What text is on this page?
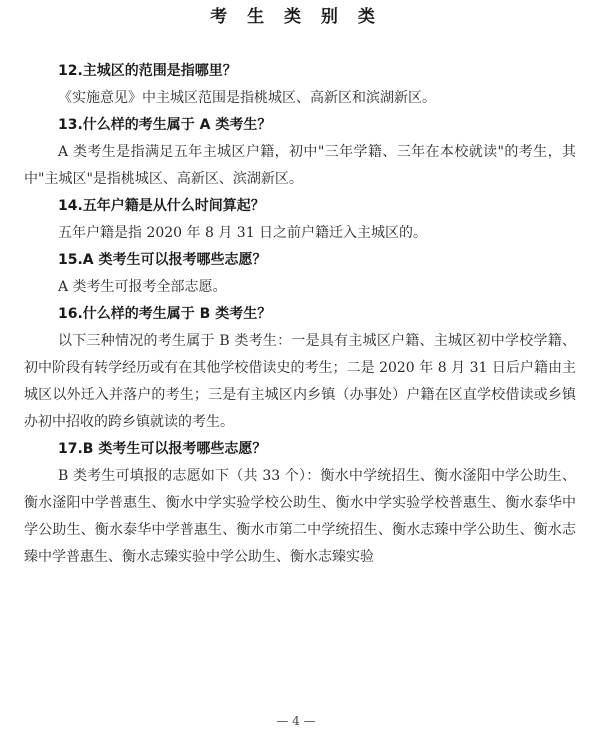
考 生 类 别 类

12.主城区的范围是指哪里？

《实施意见》中主城区范围是指桃城区、高新区和滨湖新区。

13.什么样的考生属于 A 类考生？

A 类考生是指满足五年主城区户籍，初中"三年学籍、三年在本校就读"的考生，其中"主城区"是指桃城区、高新区、滨湖新区。

14.五年户籍是从什么时间算起？

五年户籍是指 2020 年 8 月 31 日之前户籍迁入主城区的。

15.A 类考生可以报考哪些志愿？

A 类考生可报考全部志愿。

16.什么样的考生属于 B 类考生？

以下三种情况的考生属于 B 类考生：一是具有主城区户籍、主城区初中学校学籍、初中阶段有转学经历或有在其他学校借读史的考生；二是 2020 年 8 月 31 日后户籍由主城区以外迁入并落户的考生；三是有主城区内乡镇（办事处）户籍在区直学校借读或乡镇办初中招收的跨乡镇就读的考生。

17.B 类考生可以报考哪些志愿？

B 类考生可填报的志愿如下（共 33 个）：衡水中学统招生、衡水滏阳中学公助生、衡水滏阳中学普惠生、衡水中学实验学校公助生、衡水中学实验学校普惠生、衡水泰华中学公助生、衡水泰华中学普惠生、衡水市第二中学统招生、衡水志臻中学公助生、衡水志臻中学普惠生、衡水志臻实验中学公助生、衡水志臻实验

— 4 —
